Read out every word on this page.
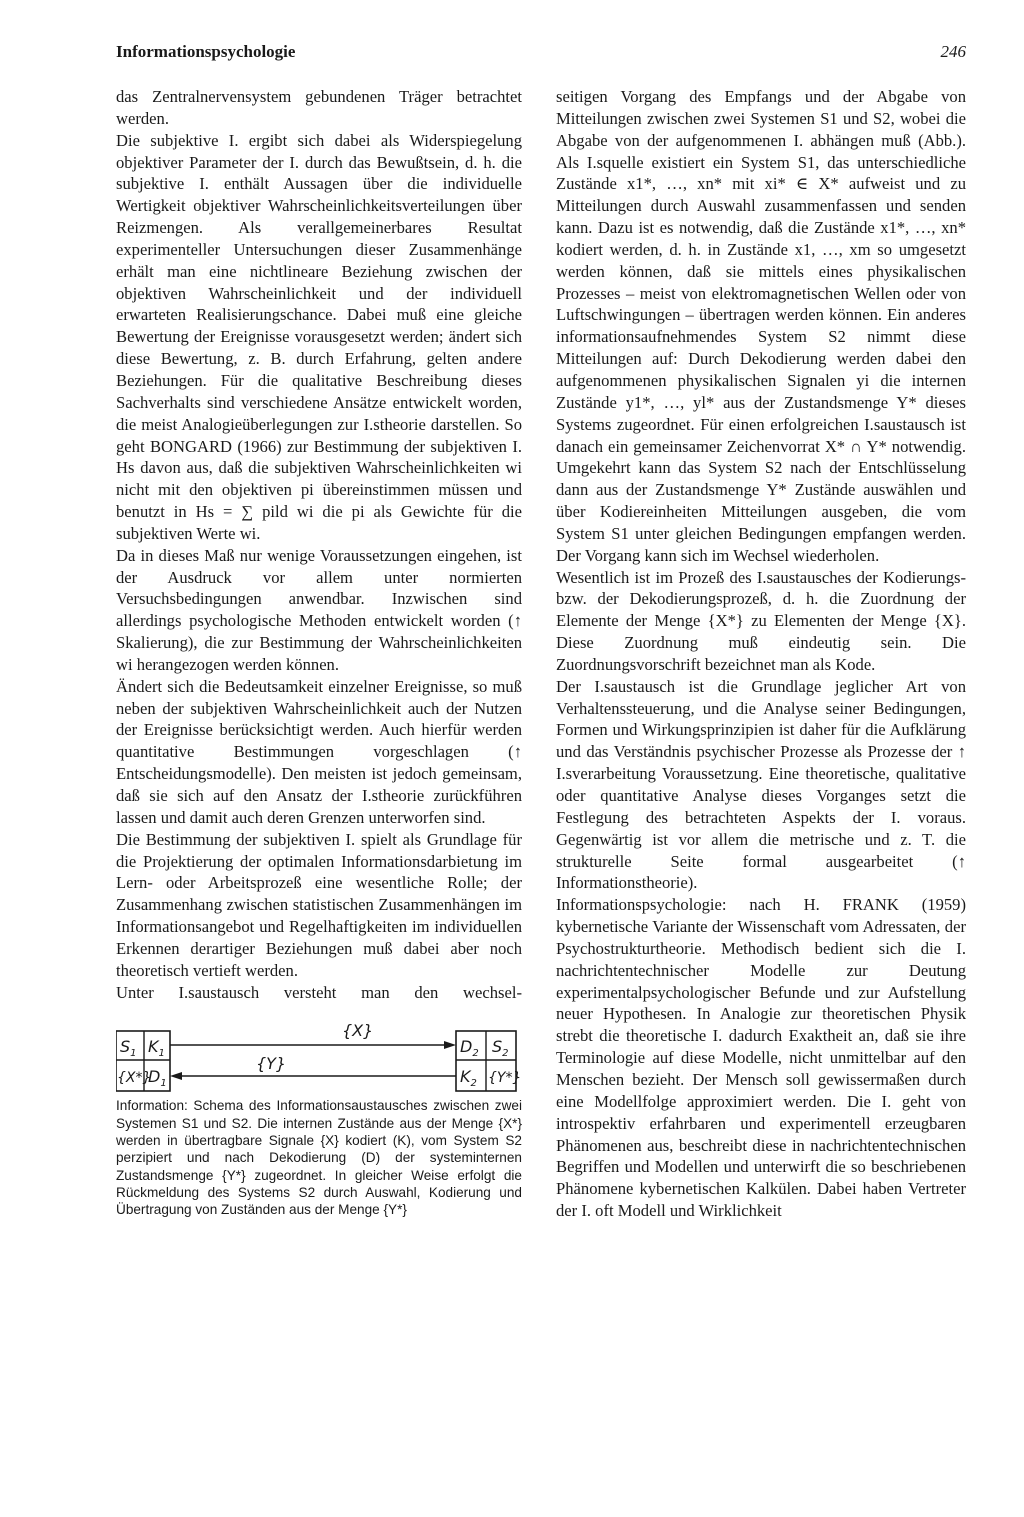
Informationspsychologie	246

das Zentralnervensystem gebundenen Träger betrachtet werden.

Die subjektive I. ergibt sich dabei als Widerspiegelung objektiver Parameter der I. durch das Bewußtsein, d. h. die subjektive I. enthält Aussagen über die individuelle Wertigkeit objektiver Wahrscheinlichkeitsverteilungen über Reizmengen. Als verallgemeinerbares Resultat experimenteller Untersuchungen dieser Zusammenhänge erhält man eine nichtlineare Beziehung zwischen der objektiven Wahrscheinlichkeit und der individuell erwarteten Realisierungschance. Dabei muß eine gleiche Bewertung der Ereignisse vorausgesetzt werden; ändert sich diese Bewertung, z. B. durch Erfahrung, gelten andere Beziehungen. Für die qualitative Beschreibung dieses Sachverhalts sind verschiedene Ansätze entwickelt worden, die meist Analogieüberlegungen zur I.stheorie darstellen. So geht BONGARD (1966) zur Bestimmung der subjektiven I. Hs davon aus, daß die subjektiven Wahrscheinlichkeiten wi nicht mit den objektiven pi übereinstimmen müssen und benutzt in Hs = ∑ pild wi die pi als Gewichte für die subjektiven Werte wi.

Da in dieses Maß nur wenige Voraussetzungen eingehen, ist der Ausdruck vor allem unter normierten Versuchsbedingungen anwendbar. Inzwischen sind allerdings psychologische Methoden entwickelt worden (↑ Skalierung), die zur Bestimmung der Wahrscheinlichkeiten wi herangezogen werden können.

Ändert sich die Bedeutsamkeit einzelner Ereignisse, so muß neben der subjektiven Wahrscheinlichkeit auch der Nutzen der Ereignisse berücksichtigt werden. Auch hierfür werden quantitative Bestimmungen vorgeschlagen (↑ Entscheidungsmodelle). Den meisten ist jedoch gemeinsam, daß sie sich auf den Ansatz der I.stheorie zurückführen lassen und damit auch deren Grenzen unterworfen sind.

Die Bestimmung der subjektiven I. spielt als Grundlage für die Projektierung der optimalen Informationsdarbietung im Lern- oder Arbeitsprozeß eine wesentliche Rolle; der Zusammenhang zwischen statistischen Zusammenhängen im Informationsangebot und Regelhaftigkeiten im individuellen Erkennen derartiger Beziehungen muß dabei aber noch theoretisch vertieft werden.

Unter I.saustausch versteht man den wechsel-

$S_1$ $K_1$
{X*}
$D_1$
{X}
{Y}
$D_2$ $S_2$
$K_2$ {Y*}

Information: Schema des Informationsaustausches zwischen zwei Systemen S1 und S2. Die internen Zustände aus der Menge {X*} werden in übertragbare Signale {X} kodiert (K), vom System S2 perzipiert und nach Dekodierung (D) der systeminternen Zustandsmenge {Y*} zugeordnet. In gleicher Weise erfolgt die Rückmeldung des Systems S2 durch Auswahl, Kodierung und Übertragung von Zuständen aus der Menge {Y*}

seitigen Vorgang des Empfangs und der Abgabe von Mitteilungen zwischen zwei Systemen S1 und S2, wobei die Abgabe von der aufgenommenen I. abhängen muß (Abb.). Als I.squelle existiert ein System S1, das unterschiedliche Zustände x1*, …, xn* mit xi* ∈ X* aufweist und zu Mitteilungen durch Auswahl zusammenfassen und senden kann. Dazu ist es notwendig, daß die Zustände x1*, …, xn* kodiert werden, d. h. in Zustände x1, …, xm so umgesetzt werden können, daß sie mittels eines physikalischen Prozesses – meist von elektromagnetischen Wellen oder von Luftschwingungen – übertragen werden können. Ein anderes informationsaufnehmendes System S2 nimmt diese Mitteilungen auf: Durch Dekodierung werden dabei den aufgenommenen physikalischen Signalen yi die internen Zustände y1*, …, yl* aus der Zustandsmenge Y* dieses Systems zugeordnet. Für einen erfolgreichen I.saustausch ist danach ein gemeinsamer Zeichenvorrat X* ∩ Y* notwendig. Umgekehrt kann das System S2 nach der Entschlüsselung dann aus der Zustandsmenge Y* Zustände auswählen und über Kodiereinheiten Mitteilungen ausgeben, die vom System S1 unter gleichen Bedingungen empfangen werden. Der Vorgang kann sich im Wechsel wiederholen.

Wesentlich ist im Prozeß des I.saustausches der Kodierungs- bzw. der Dekodierungsprozeß, d. h. die Zuordnung der Elemente der Menge {X*} zu Elementen der Menge {X}. Diese Zuordnung muß eindeutig sein. Die Zuordnungsvorschrift bezeichnet man als Kode.

Der I.saustausch ist die Grundlage jeglicher Art von Verhaltenssteuerung, und die Analyse seiner Bedingungen, Formen und Wirkungsprinzipien ist daher für die Aufklärung und das Verständnis psychischer Prozesse als Prozesse der ↑ I.sverarbeitung Voraussetzung. Eine theoretische, qualitative oder quantitative Analyse dieses Vorganges setzt die Festlegung des betrachteten Aspekts der I. voraus. Gegenwärtig ist vor allem die metrische und z. T. die strukturelle Seite formal ausgearbeitet (↑ Informationstheorie).

Informationspsychologie: nach H. FRANK (1959) kybernetische Variante der Wissenschaft vom Adressaten, der Psychostrukturtheorie. Methodisch bedient sich die I. nachrichtentechnischer Modelle zur Deutung experimentalpsychologischer Befunde und zur Aufstellung neuer Hypothesen. In Analogie zur theoretischen Physik strebt die theoretische I. dadurch Exaktheit an, daß sie ihre Terminologie auf diese Modelle, nicht unmittelbar auf den Menschen bezieht. Der Mensch soll gewissermaßen durch eine Modellfolge approximiert werden. Die I. geht von introspektiv erfahrbaren und experimentell erzeugbaren Phänomenen aus, beschreibt diese in nachrichtentechnischen Begriffen und Modellen und unterwirft die so beschriebenen Phänomene kybernetischen Kalkülen. Dabei haben Vertreter der I. oft Modell und Wirklichkeit
